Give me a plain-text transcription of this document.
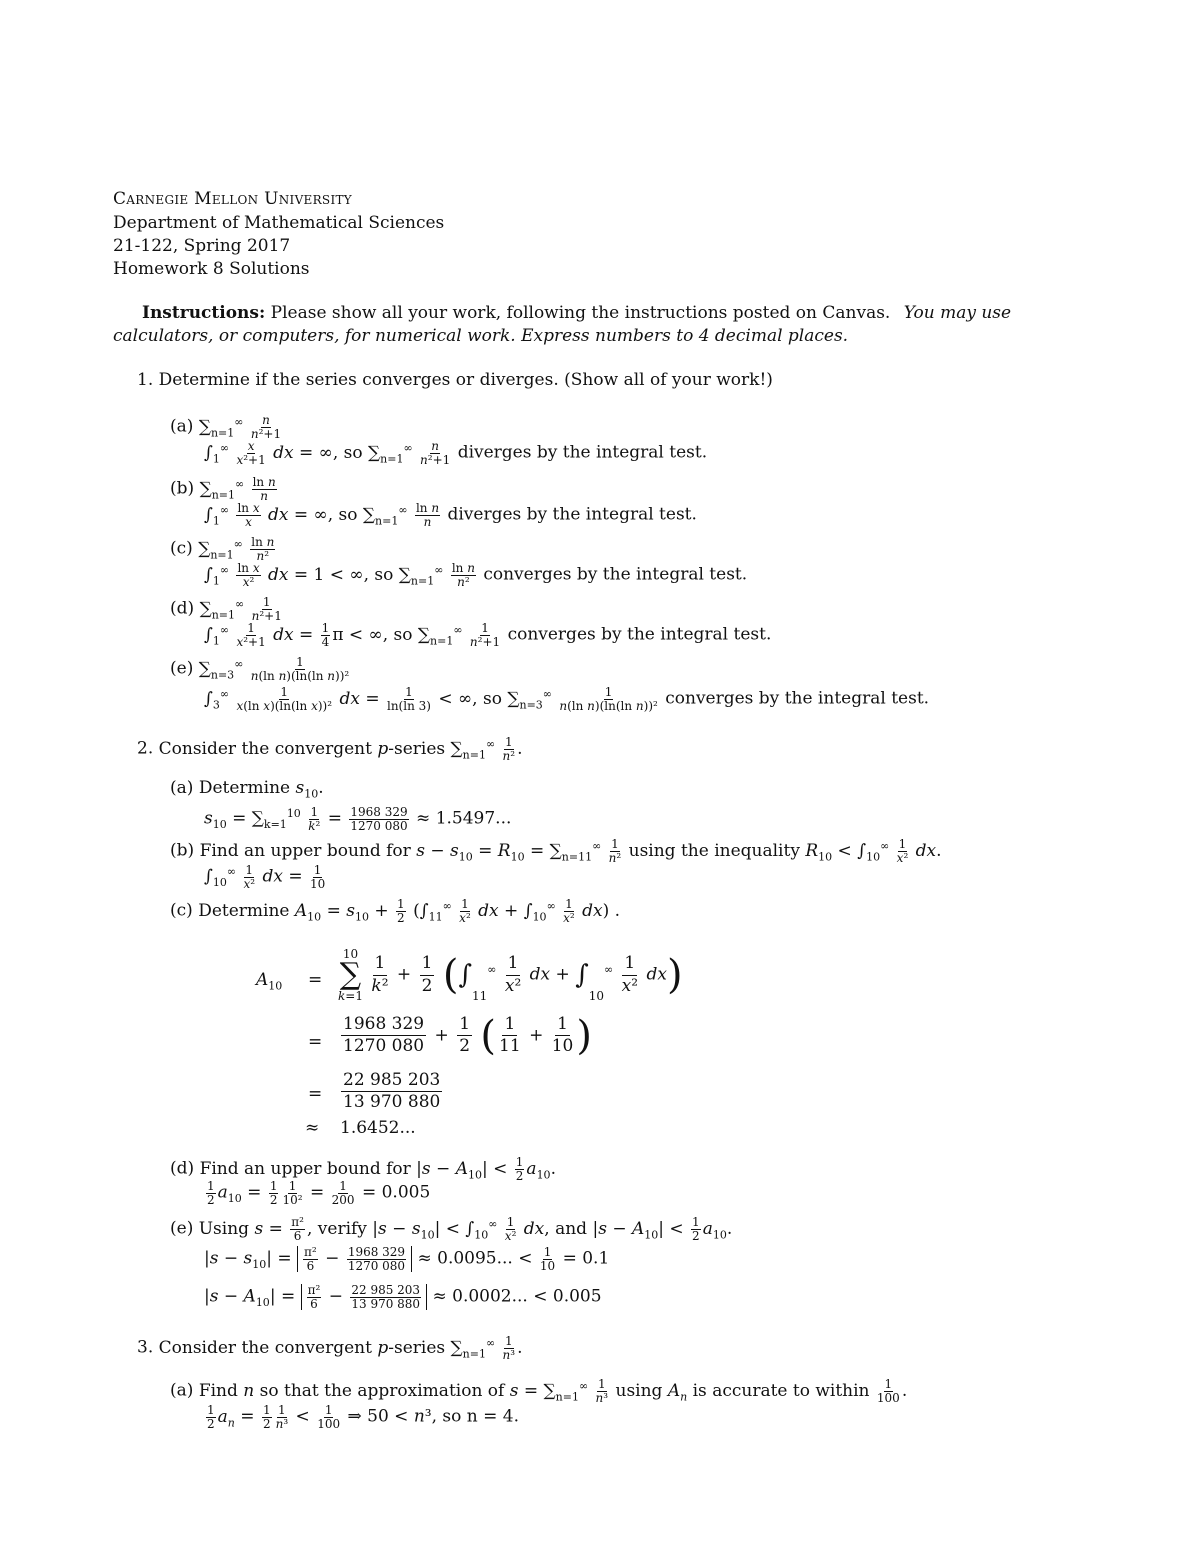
Carnegie Mellon University
Department of Mathematical Sciences
21-122, Spring 2017
Homework 8 Solutions
Instructions: Please show all your work, following the instructions posted on Canvas. You may use
calculators, or computers, for numerical work. Express numbers to 4 decimal places.
1. Determine if the series converges or diverges. (Show all of your work!)
(a) $\sum_{n=1}^\infty \frac{n}{\text{n²+1}}$
$\int_1^\infty \frac{x}{\text{x²+1}}$ dx = ∞, so $\sum_{n=1}^\infty \frac{n}{\text{n²+1}}$ diverges by the integral test.
(b) $\sum_{n=1}^\infty \frac{\text{ln n}}{n}$
$\int_1^\infty \frac{\text{ln x}}{x}$ dx = ∞, so $\sum_{n=1}^\infty \frac{\text{ln n}}{n}$ diverges by the integral test.
(c) $\sum_{n=1}^\infty \frac{\text{ln n}}{\text{n²}}$
$\int_1^\infty \frac{\text{ln x}}{\text{x²}}$ dx = 1 < ∞, so $\sum_{n=1}^\infty \frac{\text{ln n}}{\text{n²}}$ converges by the integral test.
(d) $\sum_{n=1}^\infty \frac{1}{\text{n²+1}}$
$\int_1^\infty \frac{1}{\text{x²+1}}$ dx = $\frac{1}{4}$ π < ∞, so $\sum_{n=1}^\infty \frac{1}{\text{n²+1}}$ converges by the integral test.
(e) $\sum_{n=3}^\infty \frac{1}{\text{n(ln n)(ln(ln n))²}}$
$\int_3^\infty \frac{1}{\text{x(ln x)(ln(ln x))²}}$ dx = $\frac{1}{\ln(\ln 3)}$ < ∞, so $\sum_{n=3}^\infty \frac{1}{\text{n(ln n)(ln(ln n))²}}$ converges by the integral test.
2. Consider the convergent p-series $\sum_{n=1}^\infty \frac{1}{\text{n²}}$ .
(a) Determine $s_{10}$.
$s_{10} = \sum_{k=1}^{10} \frac{1}{\text{k²}} = \frac{1968 329}{1270 080} \approx 1.5497$...
(b) Find an upper bound for $s - s_{10} = R_{10} = \sum_{n=11}^\infty \frac{1}{\text{n²}}$ using the inequality $R_{10} < \int_{10}^\infty \frac{1}{\text{x²}}$ dx.
$\int_{10}^\infty \frac{1}{\text{x²}}$ dx = $\frac{1}{10}$
(c) Determine $A_{10} = s_{10} + \frac{1}{2} (\int_{11}^\infty \frac{1}{\text{x²}}$ dx + $\int_{10}^\infty \frac{1}{\text{x²}} dx$) .
$A_{10}$ =
10
∑
k=1
$\frac{1}{\text{k²}} + \frac{1}{2} (\int 11^\infty \frac{1}{\text{x²}}$ dx + $\int 10^\infty \frac{1}{\text{x²}} dx$)
= $\frac{1968 329}{1270 080} + \frac{1}{2}$ ( $\frac{1}{11} + \frac{1}{10}$ )
= $\frac{22 985 203}{13 970 880}$
≈ 1.6452...
(d) Find an upper bound for $|s - A_{10}| < \frac{1}{2} a_{10}$.
$\frac{1}{2} a_{10} = \frac{1}{2} \frac{1}{\text{10²}} = \frac{1}{200} = 0.005$
(e) Using $s = \frac{\text{π²}}{6}$ , verify $|s - s_{10}| < \int_{10}^\infty \frac{1}{\text{x²}}$ dx, and $|s - A_{10}| < \frac{1}{2} a_{10}$.
$|s - s_{10}| = \frac{\text{π²}}{6} - \frac{1968 329}{1270 080} \approx 0.0095$... < $\frac{1}{10} = 0.1$
$|s - A_{10}| = \frac{\text{π²}}{6} - \frac{22 985 203}{13 970 880} \approx 0.0002$... < 0.005
3. Consider the convergent p-series $\sum_{n=1}^\infty \frac{1}{\text{n³}}$ .
(a) Find n so that the approximation of $s = \sum_{n=1}^\infty \frac{1}{\text{n³}}$ using $A_n$ is accurate to within $\frac{1}{100}$ .
$\frac{1}{2} a_n = \frac{1}{2} \frac{1}{\text{n³}} < \frac{1}{100}$ ⇒ 50 < n³, so n = 4.
